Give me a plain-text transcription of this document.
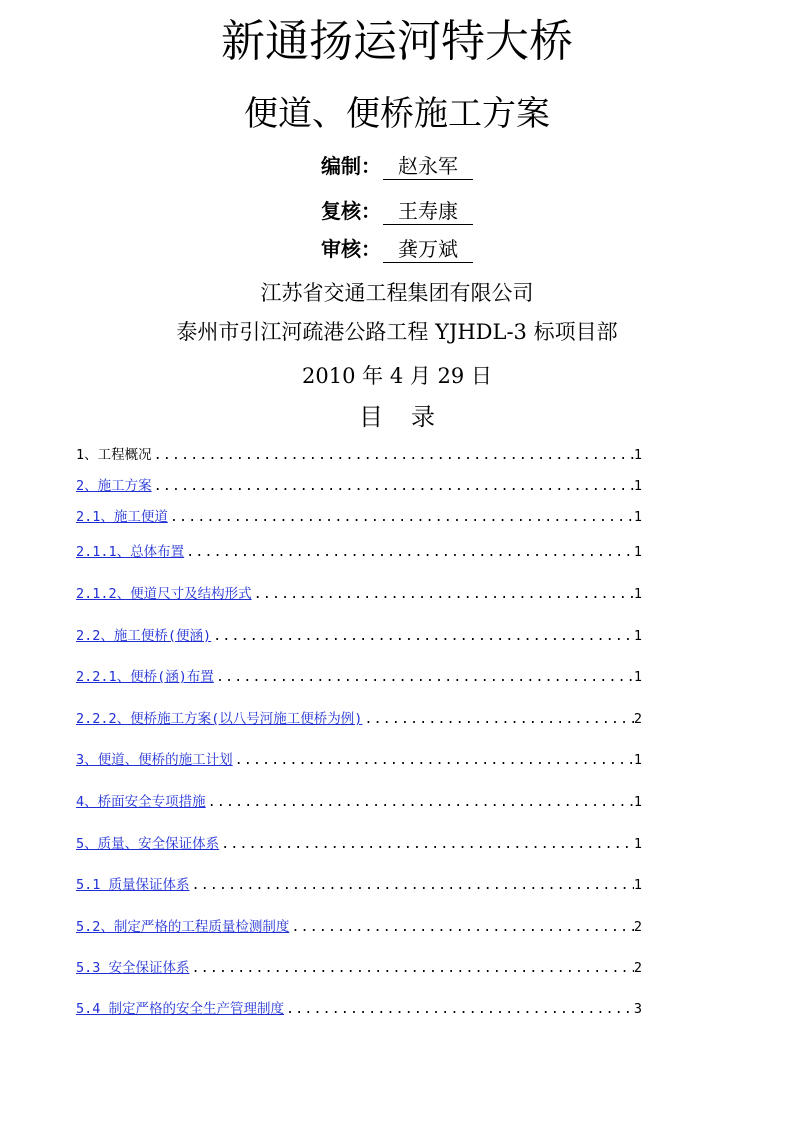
新通扬运河特大桥
便道、便桥施工方案
编制： 赵永军
复核： 王寿康
审核： 龚万斌
江苏省交通工程集团有限公司
泰州市引江河疏港公路工程 YJHDL-3 标项目部
2010 年 4 月 29 日
目录
1、工程概况 .....	1
2、施工方案 .....	1
2.1、施工便道 .....	1
2.1.1、总体布置 .....	1
2.1.2、便道尺寸及结构形式 .....	1
2.2、施工便桥(便涵) .....	1
2.2.1、便桥(涵)布置 .....	1
2.2.2、便桥施工方案(以八号河施工便桥为例) .....	2
3、便道、便桥的施工计划 .....	1
4、桥面安全专项措施 .....	1
5、质量、安全保证体系 .....	1
5.1 质量保证体系 .....	1
5.2、制定严格的工程质量检测制度 .....	2
5.3 安全保证体系 .....	2
5.4 制定严格的安全生产管理制度 .....	3
